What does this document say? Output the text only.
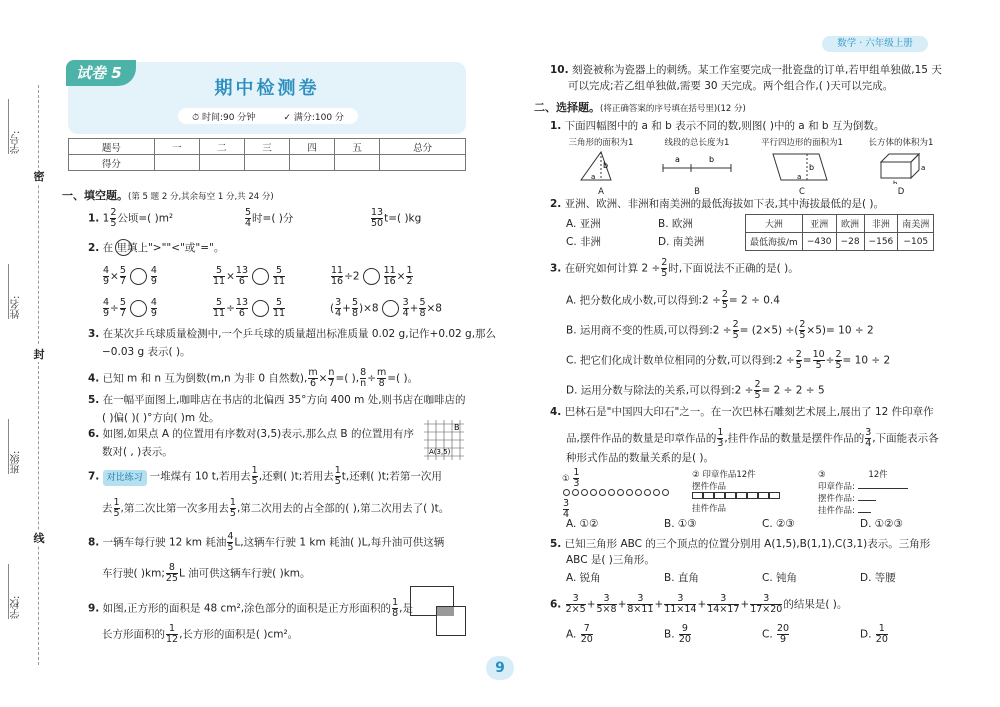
学号:
姓名:
班级:
学校:
密
封
线
试卷 5
期中检测卷
⏱ 时间:90 分钟	✓ 满分:100 分
题号	一	二	三	四	五	总分
得分						
数学 · 六年级上册
一、填空题。(第 5 题 2 分,其余每空 1 分,共 24 分)
1. $1 \frac{2}{5}$ 公顷=( )m²	$\frac{5}{4}$ 时=( )分	$\frac{13}{50} t=$( )kg
2. 在 里填上">""<"或"="。
$\frac{4}{9} \times \frac{5}{7}$	$\frac{4}{9}$	$\frac{5}{11} \times \frac{13}{6}$	$\frac{5}{11}$	$\frac{11}{16} \div 2$	$\frac{11}{16} \times \frac{1}{2}$
$\frac{4}{9} \div \frac{5}{7}$	$\frac{4}{9}$	$\frac{5}{11} \div \frac{13}{6}$	$\frac{5}{11}$	( $\frac{3}{4} + \frac{5}{8} )\times 8$	$\frac{3}{4} + \frac{5}{8} \times 8$
3. 在某次乒乓球质量检测中,一个乒乓球的质量超出标准质量 0.02 g,记作+0.02 g,那么
−0.03 g 表示( )。
4. 已知 m 和 n 互为倒数(m,n 为非 0 自然数), $\frac{m}{6} \times \frac{n}{7}$ =( ), $\frac{8}{n} \div \frac{m}{8}$ =( )。
5. 在一幅平面图上,咖啡店在书店的北偏西 35°方向 400 m 处,则书店在咖啡店的
( )偏( )( )°方向( )m 处。
6. 如图,如果点 A 的位置用有序数对(3,5)表示,那么点 B 的位置用有序
数对( , )表示。
B
A(3,5)
7. 对比练习 一堆煤有 10 t,若用去 $\frac{1}{5}$ ,还剩( )t;若用去 $\frac{1}{5} t$,还剩( )t;若第一次用
去 $\frac{1}{5}$ ,第二次比第一次多用去 $\frac{1}{5}$ ,第二次用去的占全部的( ),第二次用去了( )t。
8. 一辆车每行驶 12 km 耗油 $\frac{4}{5} L$,这辆车行驶 1 km 耗油( )L,每升油可供这辆
车行驶( )km; $\frac{8}{25}$ L 油可供这辆车行驶( )km。
9. 如图,正方形的面积是 48 cm²,涂色部分的面积是正方形面积的 $\frac{1}{8}$ ,是
长方形面积的 $\frac{1}{12}$ ,长方形的面积是( )cm²。
10. 刻瓷被称为瓷器上的刺绣。某工作室要完成一批瓷盘的订单,若甲组单独做,15 天
可以完成;若乙组单独做,需要 30 天完成。两个组合作,( )天可以完成。
二、选择题。(将正确答案的序号填在括号里)(12 分)
1. 下面四幅图中的 a 和 b 表示不同的数,则图( )中的 a 和 b 互为倒数。
三角形的面积为1
b
a
A
线段的总长度为1
a	b
B
平行四边形的面积为1
b
a
C
长方体的体积为1
a
b
D
2. 亚洲、欧洲、非洲和南美洲的最低海拔如下表,其中海拔最低的是( )。
A. 亚洲	B. 欧洲
C. 非洲	D. 南美洲
大洲	亚洲	欧洲	非洲	南美洲
最低海拔/m	−430	−28	−156	−105
3. 在研究如何计算 $2 \div \frac{2}{5}$ 时,下面说法不正确的是( )。
A. 把分数化成小数,可以得到:2 ÷ $\frac{2}{5} = 2 \div 0.4$
B. 运用商不变的性质,可以得到:2 ÷ $\frac{2}{5} = (2\times 5)$ ÷( $\frac{2}{5} \times 5)= 10 \div 2$
C. 把它们化成计数单位相同的分数,可以得到:2 ÷ $\frac{2}{5} = \frac{10}{5} \div \frac{2}{5} = 10 \div 2$
D. 运用分数与除法的关系,可以得到:2 ÷ $\frac{2}{5} = 2 \div 2 \div 5$
4. 巴林石是"中国四大印石"之一。在一次巴林石雕刻艺术展上,展出了 12 件印章作
品,摆件作品的数量是印章作品的 $\frac{1}{3}$ ,挂件作品的数量是摆件作品的 $\frac{3}{4}$ ,下面能表示各
种形式作品的数量关系的是( )。
① $\frac{1}{3}$

$\frac{3}{4}$
② 印章作品12件
摆件作品

挂件作品
③	12件
印章作品:
摆件作品:
挂件作品:
A. ①②	B. ①③	C. ②③	D. ①②③
5. 已知三角形 ABC 的三个顶点的位置分别用 A(1,5),B(1,1),C(3,1)表示。三角形
ABC 是( )三角形。
A. 锐角	B. 直角	C. 钝角	D. 等腰
6. $\frac{3}{2\times 5} + \frac{3}{5\times 8} + \frac{3}{8\times 11} + \frac{3}{11\times 14} + \frac{3}{14\times 17} + \frac{3}{17\times 20}$ 的结果是( )。
A. $\frac{7}{20}$	B. $\frac{9}{20}$	C. $\frac{20}{9}$	D. $\frac{1}{20}$
9
